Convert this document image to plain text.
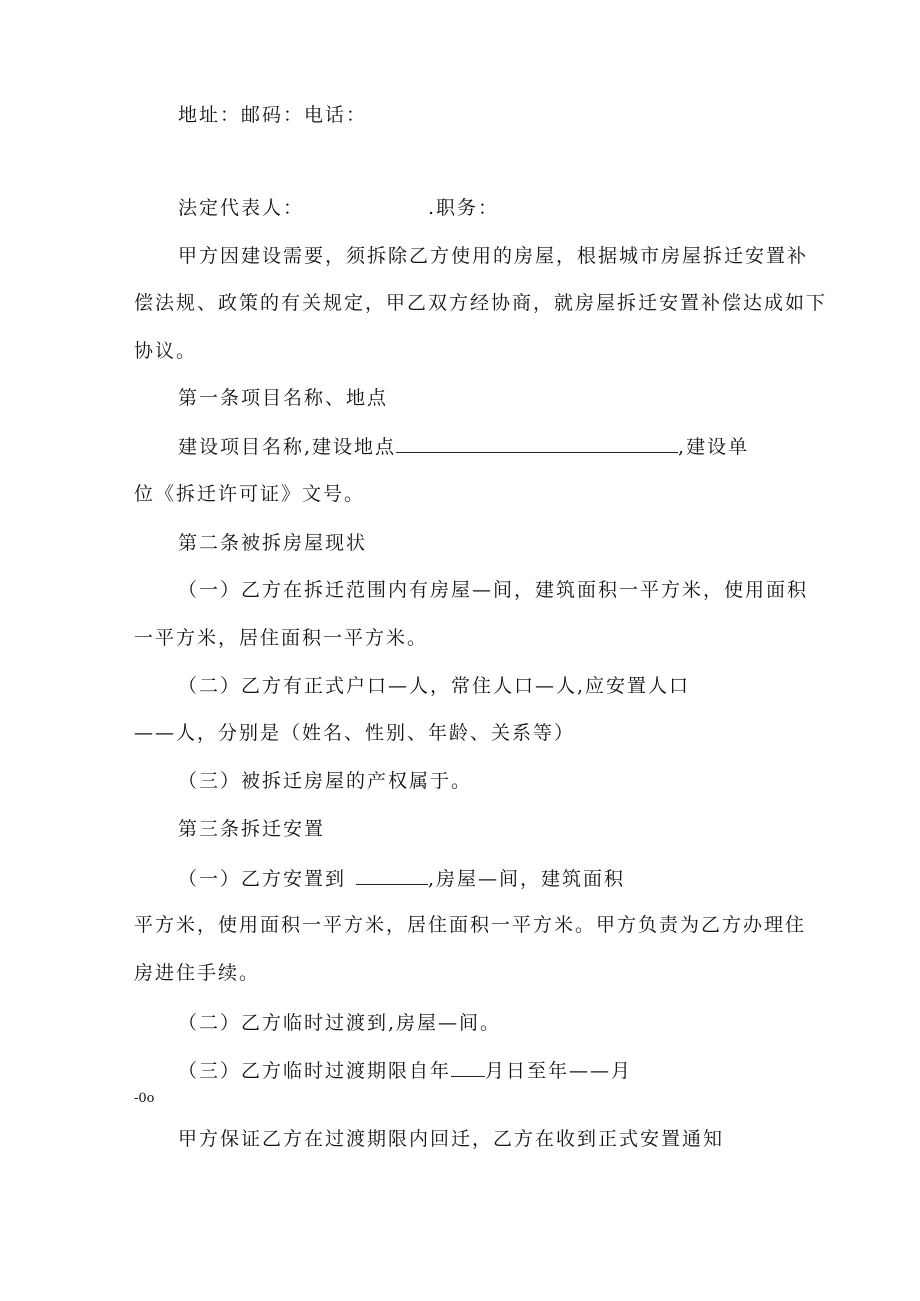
地址：邮码：电话：
法定代表人：	.职务：
甲方因建设需要，须拆除乙方使用的房屋，根据城市房屋拆迁安置补
偿法规、政策的有关规定，甲乙双方经协商，就房屋拆迁安置补偿达成如下
协议。
第一条项目名称、地点
建设项目名称,建设地点	,建设单
位《拆迁许可证》文号。
第二条被拆房屋现状
（一）乙方在拆迁范围内有房屋—间，建筑面积一平方米，使用面积
一平方米，居住面积一平方米。
（二）乙方有正式户口—人，常住人口—人,应安置人口
——人，分别是（姓名、性别、年龄、关系等）
（三）被拆迁房屋的产权属于。
第三条拆迁安置
（一）乙方安置到	,房屋—间，建筑面积
平方米，使用面积一平方米，居住面积一平方米。甲方负责为乙方办理住
房进住手续。
（二）乙方临时过渡到,房屋—间。
（三）乙方临时过渡期限自年 月日至年——月
-0o
甲方保证乙方在过渡期限内回迁，乙方在收到正式安置通知
